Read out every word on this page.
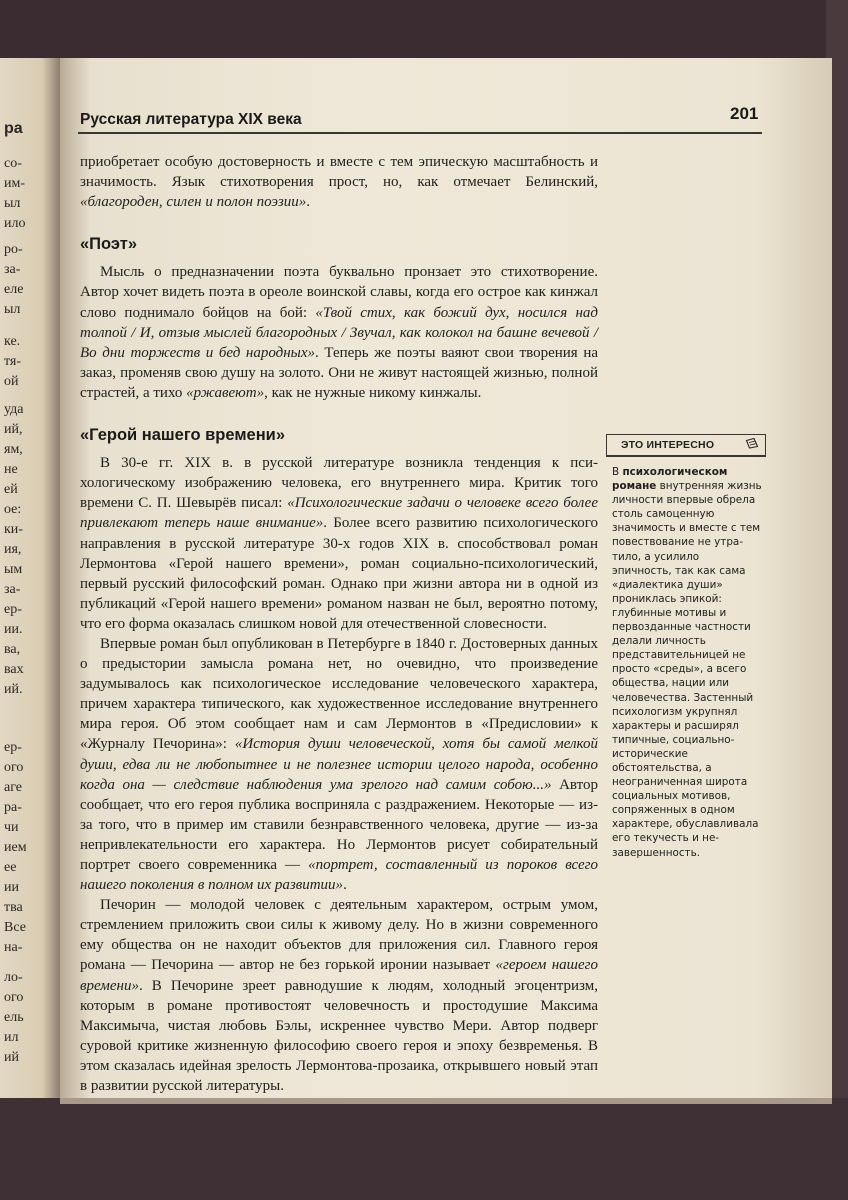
ра
со-
им-
ыл
ило
ро-
за-
еле
ыл
ке.
тя-
ой
уда
ий,
ям,
не
ей
ое:
ки-
ия,
ым
за-
ер-
ии.
ва,
вах
ий.
ер-
ого
аге
ра-
чи
ием
ее
ии
тва
Все
на-
ло-
ого
ель
ил
ий
Русская литература XIX века	201

приобретает особую достоверность и вместе с тем эпическую масштабность и значимость. Язык стихотворения прост, но, как отмечает Белинский, «благороден, силен и полон поэзии».

«Поэт»

Мысль о предназначении поэта буквально пронзает это стихотворение. Автор хочет видеть поэта в ореоле воинской славы, когда его острое как кинжал слово поднимало бойцов на бой: «Твой стих, как божий дух, носился над толпой / И, отзыв мыслей благородных / Звучал, как колокол на башне вечевой / Во дни торжеств и бед народных». Теперь же поэты ваяют свои творения на заказ, променяв свою душу на золото. Они не живут настоящей жизнью, полной страстей, а тихо «ржавеют», как не нужные никому кинжалы.

«Герой нашего времени»

В 30-е гг. XIX в. в русской литературе возникла тенденция к психологическому изображению человека, его внутреннего мира. Критик того времени С. П. Шевырёв писал: «Психологические задачи о человеке всего более привлекают теперь наше внимание». Более всего развитию психологического направления в русской литературе 30-х годов XIX в. способствовал роман Лермонтова «Герой нашего времени», роман социально-психологический, первый русский философский роман. Однако при жизни автора ни в одной из публикаций «Герой нашего времени» романом назван не был, вероятно потому, что его форма оказалась слишком новой для отечественной словесности.

Впервые роман был опубликован в Петербурге в 1840 г. Достоверных данных о предыстории замысла романа нет, но очевидно, что произведение задумывалось как психологическое исследование человеческого характера, причем характера типического, как художественное исследование внутреннего мира героя. Об этом сообщает нам и сам Лермонтов в «Предисловии» к «Журналу Печорина»: «История души человеческой, хотя бы самой мелкой души, едва ли не любопытнее и не полезнее истории целого народа, особенно когда она — следствие наблюдения ума зрелого над самим собою...» Автор сообщает, что его героя публика восприняла с раздражением. Некоторые — из-за того, что в пример им ставили безнравственного человека, другие — из-за непривлекательности его характера. Но Лермонтов рисует собирательный портрет своего современника — «портрет, составленный из пороков всего нашего поколения в полном их развитии».

Печорин — молодой человек с деятельным характером, острым умом, стремлением приложить свои силы к живому делу. Но в жизни современного ему общества он не находит объектов для приложения сил. Главного героя романа — Печорина — автор не без горькой иронии называет «героем нашего времени». В Печорине зреет равнодушие к людям, холодный эгоцентризм, которым в романе противостоят человечность и простодушие Максима Максимыча, чистая любовь Бэлы, искреннее чувство Мери. Автор подверг суровой критике жизненную философию своего героя и эпоху безвременья. В этом сказалась идейная зрелость Лермонтова-прозаика, открывшего новый этап в развитии русской литературы.

ЭТО ИНТЕРЕСНО
В психологическом романе внутренняя жизнь личности впервые обрела столь самоценную значимость и вместе с тем повествование не утратило, а усилило эпичность, так как сама «диалектика души» прониклась эпикой: глубинные мотивы и первозданные частности делали личность представительницей не просто «среды», а всего общества, нации или человечества. Застенный психологизм укрупнял характеры и расширял типичные, социально-исторические обстоятельства, а неограниченная широта социальных мотивов, сопряженных в одном характере, обуславливала его текучесть и незавершенность.
